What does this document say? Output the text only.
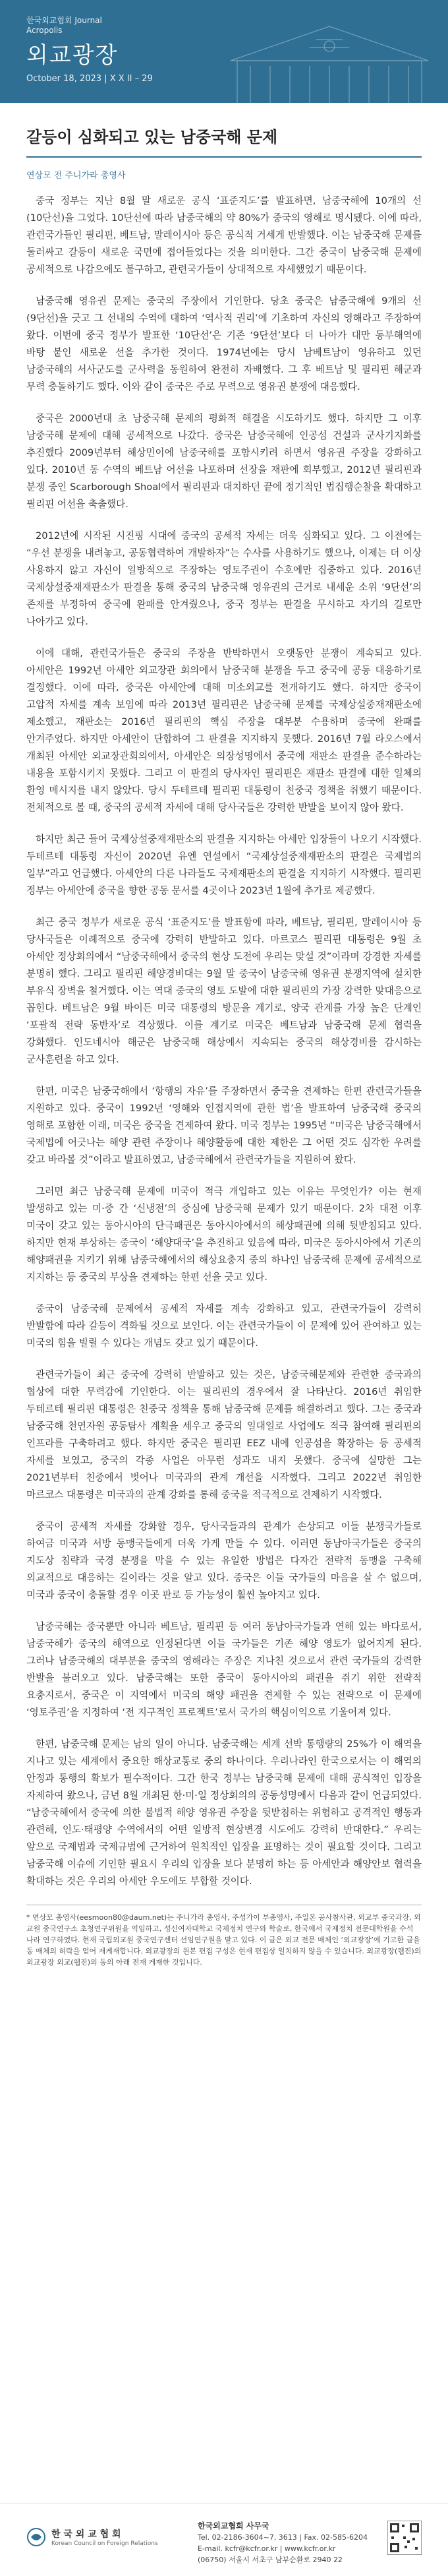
한국외교협회 Journal
Acropolis
외교광장
October 18, 2023 | X X II – 29
갈등이 심화되고 있는 남중국해 문제
연상모 전 주니가라 총영사

중국 정부는 지난 8월 말 새로운 공식 ‘표준지도’를 발표하면, 남중국해에 10개의 선(10단선)을 그었다. 10단선에 따라 남중국해의 약 80%가 중국의 영해로 명시됐다. 이에 따라, 관련국가들인 필리핀, 베트남, 말레이시아 등은 공식적 거세게 반발했다. 이는 남중국해 문제를 둘러싸고 갈등이 새로운 국면에 접어들었다는 것을 의미한다. 그간 중국이 남중국해 문제에 공세적으로 나감으에도 불구하고, 관련국가들이 상대적으로 자세했었기 때문이다.

남중국해 영유권 문제는 중국의 주장에서 기인한다. 당초 중국은 남중국해에 9개의 선(9단선)을 긋고 그 선내의 수역에 대하여 ‘역사적 권리’에 기초하여 자신의 영해라고 주장하여 왔다. 이번에 중국 정부가 발표한 ‘10단선’은 기존 ‘9단선’보다 더 나아가 대만 동부해역에 바탕 붙인 새로운 선을 추가한 것이다. 1974년에는 당시 남베트남이 영유하고 있던 남중국해의 서사군도를 군사력을 동원하여 완전히 자배했다. 그 후 베트남 및 필리핀 해군과 무력 충돌하기도 했다. 이와 같이 중국은 주로 무력으로 영유권 분쟁에 대응했다.

중국은 2000년대 초 남중국해 문제의 평화적 해결을 시도하기도 했다. 하지만 그 이후 남중국해 문제에 대해 공세적으로 나갔다. 중국은 남중국해에 인공섬 건설과 군사기지화를 추진했다 2009년부터 해상민이에 남중국해를 포함시키려 하면서 영유권 주장을 강화하고 있다. 2010년 동 수역의 베트남 어선을 나포하며 선장을 재판에 회부했고, 2012년 필리핀과 분쟁 중인 Scarborough Shoal에서 필리핀과 대치하던 끝에 정기적인 법집행순찰을 확대하고 필리핀 어선을 축출했다.

2012년에 시작된 시진핑 시대에 중국의 공세적 자세는 더욱 심화되고 있다. 그 이전에는 “우선 분쟁을 내려놓고, 공동협력하여 개발하자”는 수사를 사용하기도 했으나, 이제는 더 이상 사용하지 않고 자신이 일방적으로 주장하는 영토주권이 수호에만 집중하고 있다. 2016년 국제상설중재재판소가 판결을 통해 중국의 남중국해 영유권의 근거로 내세운 소위 ‘9단선’의 존재를 부정하여 중국에 완패를 안겨줬으나, 중국 정부는 판결을 무시하고 자기의 길로만 나아가고 있다.

이에 대해, 관련국가들은 중국의 주장을 반박하면서 오랫동안 분쟁이 계속되고 있다. 아세안은 1992년 아세안 외교장관 회의에서 남중국해 분쟁을 두고 중국에 공동 대응하기로 결정했다. 이에 따라, 중국은 아세안에 대해 미소외교를 전개하기도 했다. 하지만 중국이 고압적 자세를 계속 보임에 따라 2013년 필리핀은 남중국해 문제를 국제상설중재재판소에 제소했고, 재판소는 2016년 필리핀의 핵심 주장을 대부분 수용하며 중국에 완패를 안겨주었다. 하지만 아세안이 단합하여 그 판결을 지지하지 못했다. 2016년 7월 라오스에서 개최된 아세안 외교장관회의에서, 아세안은 의장성명에서 중국에 재판소 판결을 준수하라는 내용을 포함시키지 못했다. 그리고 이 판결의 당사자인 필리핀은 재판소 판결에 대한 일체의 환영 메시지를 내지 않았다. 당시 두테르테 필리핀 대통령이 친중국 정책을 취했기 때문이다. 전체적으로 볼 때, 중국의 공세적 자세에 대해 당사국들은 강력한 반발을 보이지 않아 왔다.

하지만 최근 들어 국제상설중재재판소의 판결을 지지하는 아세안 입장들이 나오기 시작했다. 두테르테 대통령 자신이 2020년 유엔 연설에서 “국제상설중재재판소의 판결은 국제법의 일부”라고 언급했다. 아세안의 다른 나라들도 국제재판소의 판결을 지지하기 시작했다. 필리핀 정부는 아세안에 중국을 향한 공동 문서를 4곳이나 2023년 1월에 추가로 제공했다.

최근 중국 정부가 새로운 공식 ‘표준지도’를 발표함에 따라, 베트남, 필리핀, 말레이시아 등 당사국들은 이례적으로 중국에 강력히 반발하고 있다. 마르코스 필리핀 대통령은 9월 초 아세안 정상회의에서 “남중국해에서 중국의 현상 도전에 우리는 맞설 것”이라며 강경한 자세를 분명히 했다. 그리고 필리핀 해양경비대는 9월 말 중국이 남중국해 영유권 분쟁지역에 설치한 부유식 장벽을 철거했다. 이는 역대 중국의 영토 도발에 대한 필리핀의 가장 강력한 맞대응으로 꼽힌다. 베트남은 9월 바이든 미국 대통령의 방문을 계기로, 양국 관계를 가장 높은 단계인 ‘포괄적 전략 동반자’로 격상했다. 이를 계기로 미국은 베트남과 남중국해 문제 협력을 강화했다. 인도네시아 해군은 남중국해 해상에서 지속되는 중국의 해상경비를 감시하는 군사훈련을 하고 있다.

한편, 미국은 남중국해에서 ‘항행의 자유’를 주장하면서 중국을 견제하는 한편 관련국가들을 지원하고 있다. 중국이 1992년 ‘영해와 인접지역에 관한 법’을 발표하여 남중국해 중국의 영해로 포함한 이래, 미국은 중국을 견제하여 왔다. 미국 정부는 1995년 “미국은 남중국해에서 국제법에 어긋나는 해양 관련 주장이나 해양활동에 대한 제한은 그 어떤 것도 심각한 우려를 갖고 바라볼 것”이라고 발표하였고, 남중국해에서 관련국가들을 지원하여 왔다.

그러면 최근 남중국해 문제에 미국이 적극 개입하고 있는 이유는 무엇인가? 이는 현재 발생하고 있는 미·중 간 ‘신냉전’의 중심에 남중국해 문제가 있기 때문이다. 2차 대전 이후 미국이 갖고 있는 동아시아의 단극패권은 동아시아에서의 해상패권에 의해 뒷받침되고 있다. 하지만 현재 부상하는 중국이 ‘해양대국’을 추진하고 있음에 따라, 미국은 동아시아에서 기존의 해양패권을 지키기 위해 남중국해에서의 해상요충지 중의 하나인 남중국해 문제에 공세적으로 지지하는 등 중국의 부상을 견제하는 한편 선을 긋고 있다.

중국이 남중국해 문제에서 공세적 자세를 계속 강화하고 있고, 관련국가들이 강력히 반발함에 따라 갈등이 격화될 것으로 보인다. 이는 관련국가들이 이 문제에 있어 관여하고 있는 미국의 힘을 빌릴 수 있다는 개념도 갖고 있기 때문이다.

관련국가들이 최근 중국에 강력히 반발하고 있는 것은, 남중국해문제와 관련한 중국과의 협상에 대한 무력감에 기인한다. 이는 필리핀의 경우에서 잘 나타난다. 2016년 취임한 두테르테 필리핀 대통령은 친중국 정책을 통해 남중국해 문제를 해결하려고 했다. 그는 중국과 남중국해 천연자원 공동탐사 계획을 세우고 중국의 일대일로 사업에도 적극 참여해 필리핀의 인프라를 구축하려고 했다. 하지만 중국은 필리핀 EEZ 내에 인공섬을 확장하는 등 공세적 자세를 보였고, 중국의 각종 사업은 아무런 성과도 내지 못했다. 중국에 실망한 그는 2021년부터 친중에서 벗어나 미국과의 관계 개선을 시작했다. 그리고 2022년 취임한 마르코스 대통령은 미국과의 관계 강화를 통해 중국을 적극적으로 견제하기 시작했다.

중국이 공세적 자세를 강화할 경우, 당사국들과의 관계가 손상되고 이들 분쟁국가들로 하여금 미국과 서방 동맹국들에게 더욱 가게 만들 수 있다. 이러면 동남아국가들은 중국의 지도상 침략과 국경 분쟁을 막을 수 있는 유일한 방법은 다자간 전략적 동맹을 구축해 외교적으로 대응하는 길이라는 것을 알고 있다. 중국은 이들 국가들의 마음을 살 수 없으며, 미국과 중국이 충돌할 경우 이곳 판로 등 가능성이 훨씬 높아지고 있다.

남중국해는 중국뿐만 아니라 베트남, 필리핀 등 여러 동남아국가들과 연해 있는 바다로서, 남중국해가 중국의 해역으로 인정된다면 이들 국가들은 기존 해양 영토가 없어지게 된다. 그러나 남중국해의 대부분을 중국의 영해라는 주장은 지나친 것으로서 관련 국가들의 강력한 반발을 불러오고 있다. 남중국해는 또한 중국이 동아시아의 패권을 쥐기 위한 전략적 요충지로서, 중국은 이 지역에서 미국의 해양 패권을 견제할 수 있는 전략으로 이 문제에 ‘영토주권’을 지정하여 ‘전 지구적인 프로젝트’로서 국가의 핵심이익으로 기울어져 있다.

한편, 남중국해 문제는 남의 일이 아니다. 남중국해는 세계 선박 통행량의 25%가 이 해역을 지나고 있는 세계에서 중요한 해상교통로 중의 하나이다. 우리나라인 한국으로서는 이 해역의 안정과 통행의 확보가 필수적이다. 그간 한국 정부는 남중국해 문제에 대해 공식적인 입장을 자제하여 왔으나, 금년 8월 개최된 한·미·일 정상회의의 공동성명에서 다음과 같이 언급되었다. “남중국해에서 중국에 의한 불법적 해양 영유권 주장을 뒷받침하는 위험하고 공격적인 행동과 관련해, 인도·태평양 수역에서의 어떤 일방적 현상변경 시도에도 강력히 반대한다.” 우리는 앞으로 국제법과 국제규범에 근거하여 원칙적인 입장을 표명하는 것이 필요할 것이다. 그리고 남중국해 이슈에 기인한 필요시 우리의 입장을 보다 분명히 하는 등 아세안과 해양안보 협력을 확대하는 것은 우리의 아세안 우도에도 부합할 것이다.

* 연상모 총영사(eesmoon80@daum.net)는 주니가라 총영사, 주성가이 부총영사, 주일본 공사참사관, 외교부 중국과장, 외교원 중국연구소 초청연구위원을 역임하고, 성신여자대학교 국제정치 연구와 학술로, 한국에서 국제정치 전문대학원을 수석 나라 연구하였다. 현재 국립외교원 중국연구센터 선임연구원을 맡고 있다. 이 글은 외교 전문 매체인 ‘외교광장’에 기고한 글을 동 매체의 허락을 얻어 재게재합니다. 외교광장의 원본 편집 구성은 현재 편집상 일치하지 않을 수 있습니다. 외교광장(웹진)의 외교광장 외교(웹진)의 동의 아래 전재 게재한 것입니다.

한 국 외 교 협 회
Korean Council on Foreign Relations
한국외교협회 사무국
Tel. 02-2186-3604~7, 3613 | Fax. 02-585-6204
E-mail. kcfr@kcfr.or.kr | www.kcfr.or.kr
(06750) 서울시 서초구 남부순환로 2940 22
